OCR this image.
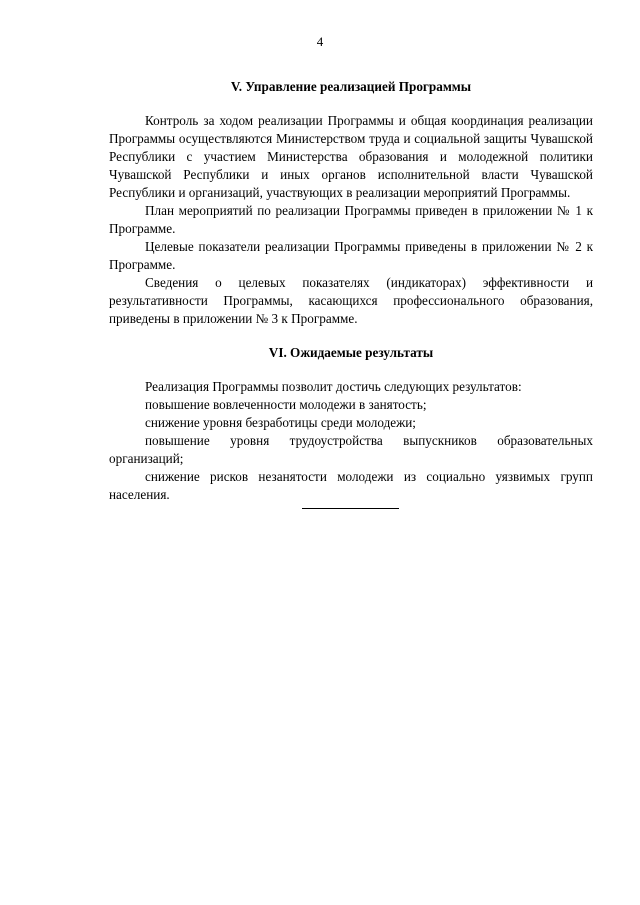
4
V. Управление реализацией Программы

Контроль за ходом реализации Программы и общая координация реализации Программы осуществляются Министерством труда и социальной защиты Чувашской Республики с участием Министерства образования и молодежной политики Чувашской Республики и иных органов исполнительной власти Чувашской Республики и организаций, участвующих в реализации мероприятий Программы.

План мероприятий по реализации Программы приведен в приложении № 1 к Программе.

Целевые показатели реализации Программы приведены в приложении № 2 к Программе.

Сведения о целевых показателях (индикаторах) эффективности и результативности Программы, касающихся профессионального образования, приведены в приложении № 3 к Программе.

VI. Ожидаемые результаты

Реализация Программы позволит достичь следующих результатов:

повышение вовлеченности молодежи в занятость;

снижение уровня безработицы среди молодежи;

повышение уровня трудоустройства выпускников образовательных организаций;

снижение рисков незанятости молодежи из социально уязвимых групп населения.
